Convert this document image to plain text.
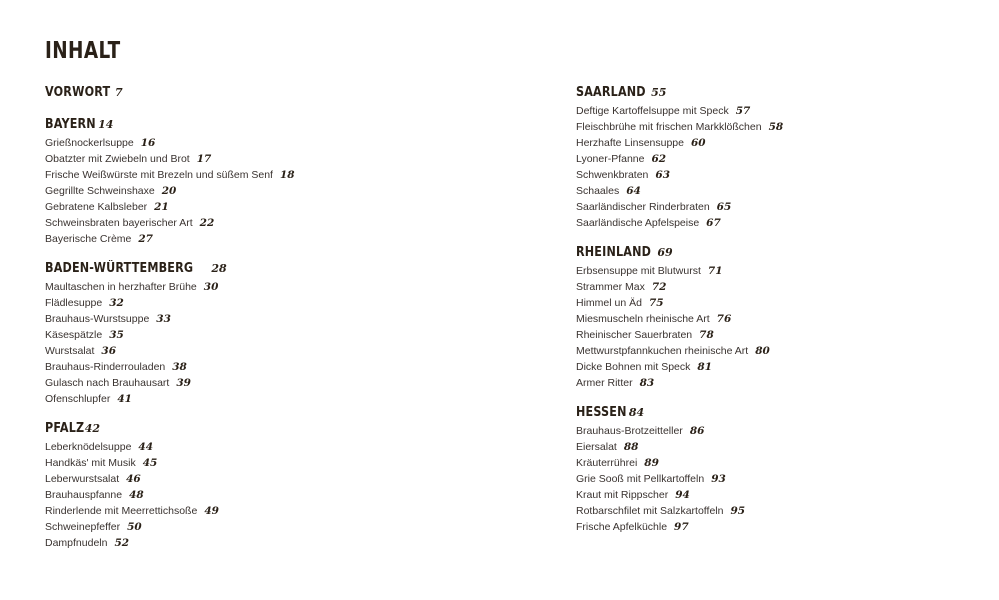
INHALT
VORWORT 7
BAYERN 14
Grießnockerlsuppe 16
Obatzter mit Zwiebeln und Brot 17
Frische Weißwürste mit Brezeln und süßem Senf 18
Gegrillte Schweinshaxe 20
Gebratene Kalbsleber 21
Schweinsbraten bayerischer Art 22
Bayerische Crème 27
BADEN-WÜRTTEMBERG 28
Maultaschen in herzhafter Brühe 30
Flädlesuppe 32
Brauhaus-Wurstsuppe 33
Käsespätzle 35
Wurstsalat 36
Brauhaus-Rinderrouladen 38
Gulasch nach Brauhausart 39
Ofenschlupfer 41
PFALZ42
Leberknödelsuppe 44
Handkäs' mit Musik 45
Leberwurstsalat 46
Brauhauspfanne 48
Rinderlende mit Meerrettichsoße 49
Schweinepfeffer 50
Dampfnudeln 52
SAARLAND 55
Deftige Kartoffelsuppe mit Speck 57
Fleischbrühe mit frischen Markklößchen 58
Herzhafte Linsensuppe 60
Lyoner-Pfanne 62
Schwenkbraten 63
Schaales 64
Saarländischer Rinderbraten 65
Saarländische Apfelspeise 67
RHEINLAND 69
Erbsensuppe mit Blutwurst 71
Strammer Max 72
Himmel un Äd 75
Miesmuscheln rheinische Art 76
Rheinischer Sauerbraten 78
Mettwurstpfannkuchen rheinische Art 80
Dicke Bohnen mit Speck 81
Armer Ritter 83
HESSEN 84
Brauhaus-Brotzeitteller 86
Eiersalat 88
Kräuterrührei 89
Grie Sooß mit Pellkartoffeln 93
Kraut mit Rippscher 94
Rotbarschfilet mit Salzkartoffeln 95
Frische Apfelküchle 97
